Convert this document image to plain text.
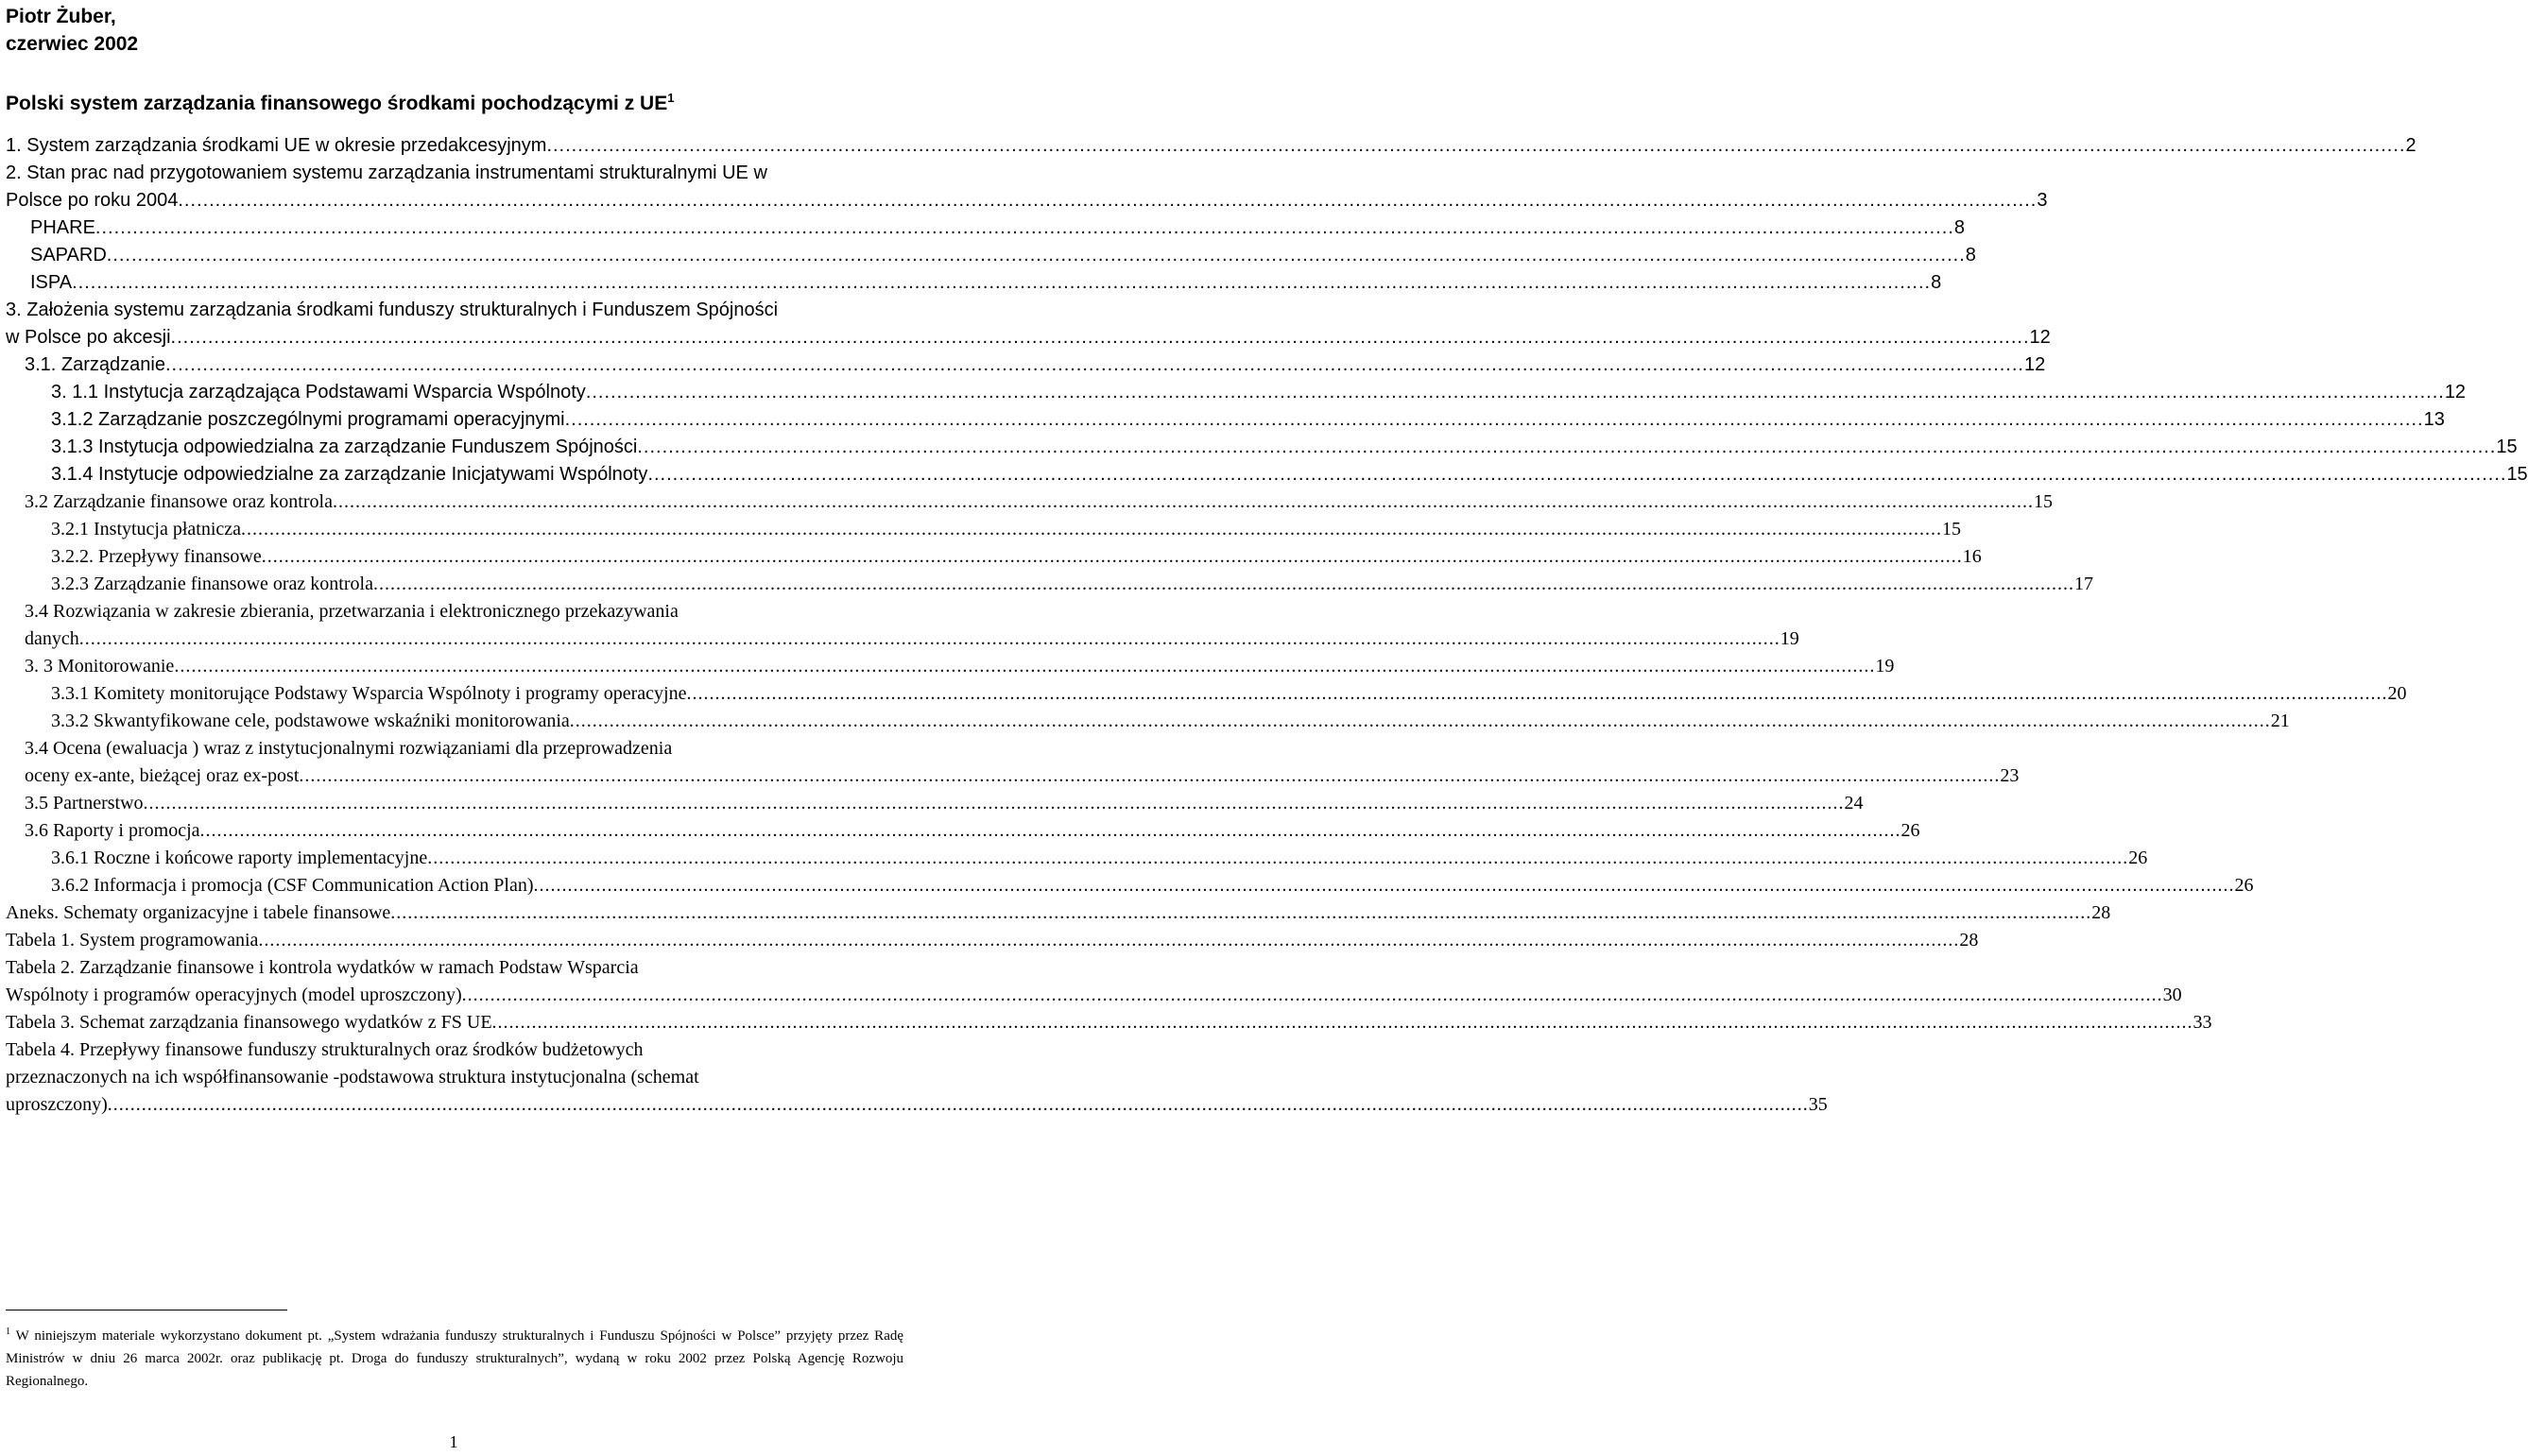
Piotr Żuber,
czerwiec 2002
Polski system zarządzania finansowego środkami pochodzącymi z $UE^1$
1. System zarządzania środkami UE w okresie przedakcesyjnym ............................................................................................................................................................................................................................................................................................................ 2
2. Stan prac nad przygotowaniem systemu zarządzania instrumentami strukturalnymi UE w
Polsce po roku 2004 ............................................................................................................................................................................................................................................................................................................ 3
PHARE ............................................................................................................................................................................................................................................................................................................ 8
SAPARD ............................................................................................................................................................................................................................................................................................................ 8
ISPA ............................................................................................................................................................................................................................................................................................................ 8
3. Założenia systemu zarządzania środkami funduszy strukturalnych i Funduszem Spójności
w Polsce po akcesji ............................................................................................................................................................................................................................................................................................................ 12
3.1. Zarządzanie ............................................................................................................................................................................................................................................................................................................ 12
3. 1.1 Instytucja zarządzająca Podstawami Wsparcia Wspólnoty ............................................................................................................................................................................................................................................................................................................ 12
3.1.2 Zarządzanie poszczególnymi programami operacyjnymi ............................................................................................................................................................................................................................................................................................................ 13
3.1.3 Instytucja odpowiedzialna za zarządzanie Funduszem Spójności ............................................................................................................................................................................................................................................................................................................ 15
3.1.4 Instytucje odpowiedzialne za zarządzanie Inicjatywami Wspólnoty ............................................................................................................................................................................................................................................................................................................ 15
3.2 Zarządzanie finansowe oraz kontrola ............................................................................................................................................................................................................................................................................................................ 15
3.2.1 Instytucja płatnicza ............................................................................................................................................................................................................................................................................................................ 15
3.2.2. Przepływy finansowe ............................................................................................................................................................................................................................................................................................................ 16
3.2.3 Zarządzanie finansowe oraz kontrola ............................................................................................................................................................................................................................................................................................................ 17
3.4 Rozwiązania w zakresie zbierania, przetwarzania i elektronicznego przekazywania
danych ............................................................................................................................................................................................................................................................................................................ 19
3. 3 Monitorowanie ............................................................................................................................................................................................................................................................................................................ 19
3.3.1 Komitety monitorujące Podstawy Wsparcia Wspólnoty i programy operacyjne ............................................................................................................................................................................................................................................................................................................ 20
3.3.2 Skwantyfikowane cele, podstawowe wskaźniki monitorowania ............................................................................................................................................................................................................................................................................................................ 21
3.4 Ocena (ewaluacja ) wraz z instytucjonalnymi rozwiązaniami dla przeprowadzenia
oceny ex-ante, bieżącej oraz ex-post ............................................................................................................................................................................................................................................................................................................ 23
3.5 Partnerstwo ............................................................................................................................................................................................................................................................................................................ 24
3.6 Raporty i promocja ............................................................................................................................................................................................................................................................................................................ 26
3.6.1 Roczne i końcowe raporty implementacyjne ............................................................................................................................................................................................................................................................................................................ 26
3.6.2 Informacja i promocja (CSF Communication Action Plan) ............................................................................................................................................................................................................................................................................................................ 26
Aneks. Schematy organizacyjne i tabele finansowe ............................................................................................................................................................................................................................................................................................................ 28
Tabela 1. System programowania ............................................................................................................................................................................................................................................................................................................ 28
Tabela 2. Zarządzanie finansowe i kontrola wydatków w ramach Podstaw Wsparcia
Wspólnoty i programów operacyjnych (model uproszczony) ............................................................................................................................................................................................................................................................................................................ 30
Tabela 3. Schemat zarządzania finansowego wydatków z FS UE ............................................................................................................................................................................................................................................................................................................ 33
Tabela 4. Przepływy finansowe funduszy strukturalnych oraz środków budżetowych
przeznaczonych na ich współfinansowanie -podstawowa struktura instytucjonalna (schemat
uproszczony) ............................................................................................................................................................................................................................................................................................................ 35
$^1$ W niniejszym materiale wykorzystano dokument pt. „System wdrażania funduszy strukturalnych i Funduszu Spójności w Polsce” przyjęty przez Radę Ministrów w dniu 26 marca 2002r. oraz publikację pt. Droga do funduszy strukturalnych”, wydaną w roku 2002 przez Polską Agencję Rozwoju Regionalnego.
1
